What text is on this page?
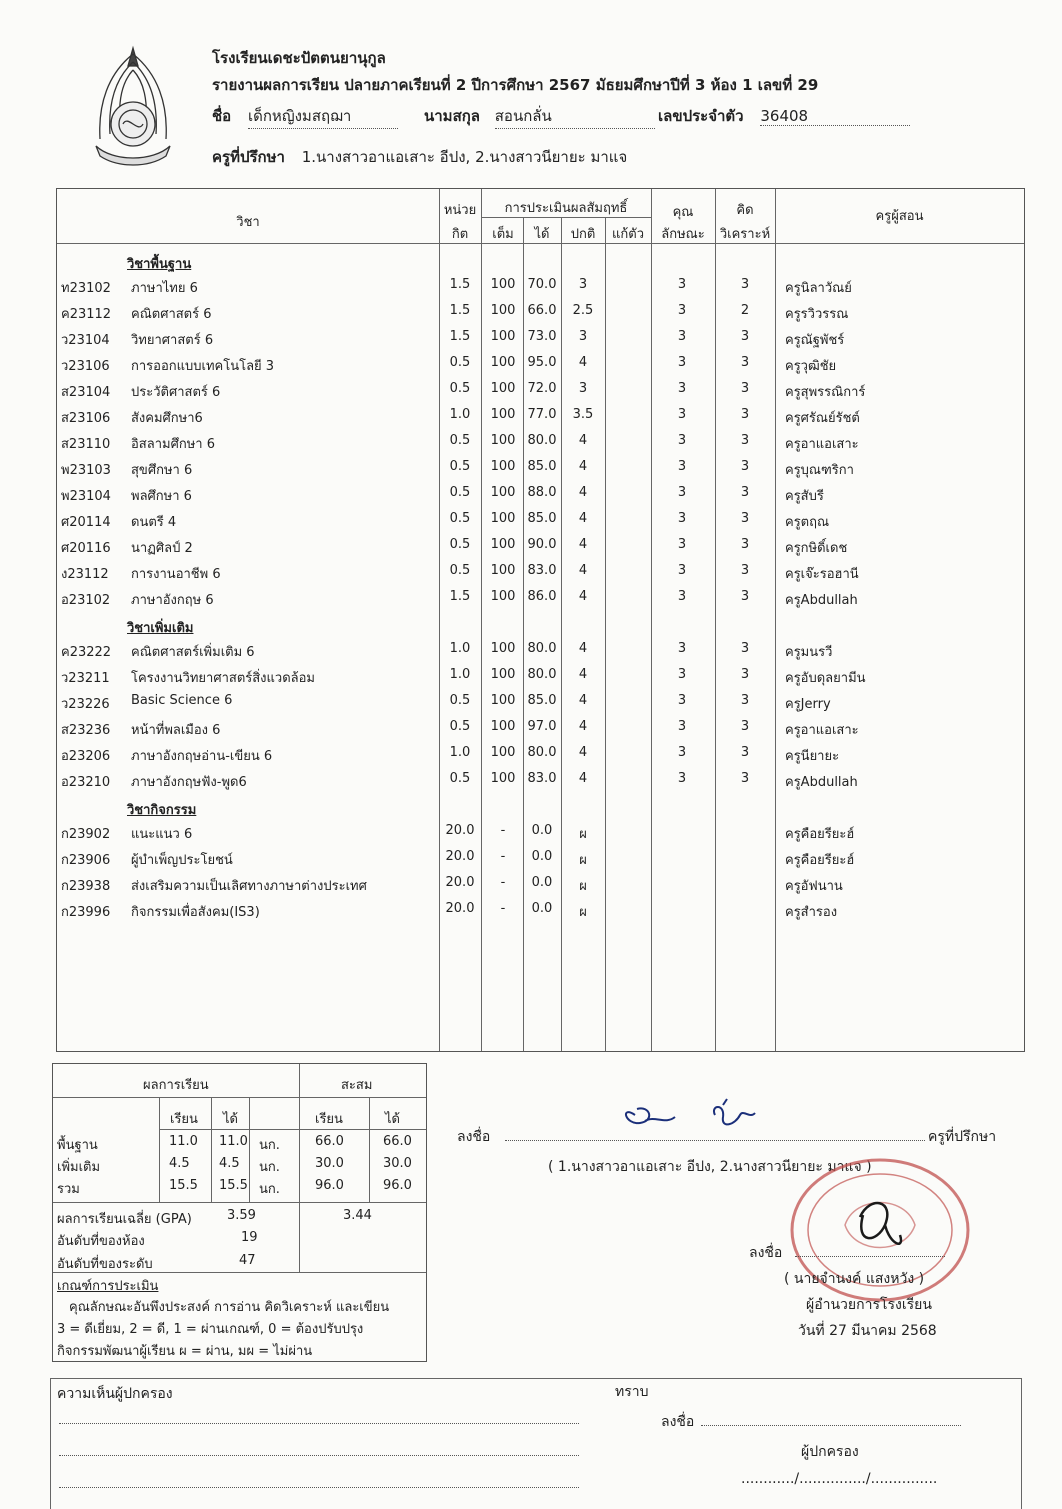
โรงเรียนเดชะปัตตนยานุกูล
รายงานผลการเรียน ปลายภาคเรียนที่ 2 ปีการศึกษา 2567 มัธยมศึกษาปีที่ 3 ห้อง 1 เลขที่ 29
ชื่อ เด็กหญิงมสฤฌา	นามสกุล สอนกลั่น	เลขประจำตัว 36408
ครูที่ปรึกษา 1.นางสาวอาแอเสาะ อีปง, 2.นางสาวนียายะ มาแจ
วิชา
หน่วย
กิต
การประเมินผลสัมฤทธิ์
เต็ม	ได้	ปกติ	แก้ตัว
คุณ
ลักษณะ
คิด
วิเคราะห์
ครูผู้สอน
วิชาพื้นฐาน
ท23102 ภาษาไทย 6	1.5	100 70.0	3	3	3	ครูนิลาวัณย์
ค23112 คณิตศาสตร์ 6	1.5	100 66.0	2.5	3	2	ครูรวิวรรณ
ว23104 วิทยาศาสตร์ 6	1.5	100 73.0	3	3	3	ครูณัฐพัชร์
ว23106 การออกแบบเทคโนโลยี 3	0.5	100 95.0	4	3	3	ครูวุฒิชัย
ส23104 ประวัติศาสตร์ 6	0.5	100 72.0	3	3	3	ครูสุพรรณิการ์
ส23106 สังคมศึกษา6	1.0	100 77.0	3.5	3	3	ครูศรัณย์รัชต์
ส23110 อิสลามศึกษา 6	0.5	100 80.0	4	3	3	ครูอาแอเสาะ
พ23103 สุขศึกษา 6	0.5	100 85.0	4	3	3	ครูบุณฑริกา
พ23104 พลศึกษา 6	0.5	100 88.0	4	3	3	ครูสับรี
ศ20114 ดนตรี 4	0.5	100 85.0	4	3	3	ครูตฤณ
ศ20116 นาฏศิลป์ 2	0.5	100 90.0	4	3	3	ครูกษิดิ์เดช
ง23112 การงานอาชีพ 6	0.5	100 83.0	4	3	3	ครูเจ๊ะรอฮานี
อ23102 ภาษาอังกฤษ 6	1.5	100 86.0	4	3	3	ครูAbdullah
วิชาเพิ่มเติม
ค23222 คณิตศาสตร์เพิ่มเติม 6	1.0	100 80.0	4	3	3	ครูมนรวี
ว23211 โครงงานวิทยาศาสตร์สิ่งแวดล้อม	1.0	100 80.0	4	3	3	ครูอับดุลยามีน
ว23226 Basic Science 6	0.5	100 85.0	4	3	3	ครูJerry
ส23236 หน้าที่พลเมือง 6	0.5	100 97.0	4	3	3	ครูอาแอเสาะ
อ23206 ภาษาอังกฤษอ่าน-เขียน 6	1.0	100 80.0	4	3	3	ครูนียายะ
อ23210 ภาษาอังกฤษฟัง-พูด6	0.5	100 83.0	4	3	3	ครูAbdullah
วิชากิจกรรม
ก23902 แนะแนว 6	20.0	-	0.0	ผ	ครูคือยรียะฮ์
ก23906 ผู้บำเพ็ญประโยชน์	20.0	-	0.0	ผ	ครูคือยรียะฮ์
ก23938 ส่งเสริมความเป็นเลิศทางภาษาต่างประเทศ	20.0	-	0.0	ผ	ครูอัฟนาน
ก23996 กิจกรรมเพื่อสังคม(IS3)	20.0	-	0.0	ผ	ครูสำรอง
ผลการเรียน	สะสม
เรียน ได้	เรียน	ได้
พื้นฐาน	11.0 11.0 นก.	66.0	66.0
เพิ่มเติม	4.5 4.5 นก.	30.0	30.0
รวม	15.5 15.5 นก.	96.0	96.0
ผลการเรียนเฉลี่ย (GPA)	3.59	3.44
อันดับที่ของห้อง	19
อันดับที่ของระดับ	47
เกณฑ์การประเมิน
คุณลักษณะอันพึงประสงค์ การอ่าน คิดวิเคราะห์ และเขียน
3 = ดีเยี่ยม, 2 = ดี, 1 = ผ่านเกณฑ์, 0 = ต้องปรับปรุง
กิจกรรมพัฒนาผู้เรียน ผ = ผ่าน, มผ = ไม่ผ่าน
ลงชื่อ	ครูที่ปรึกษา
( 1.นางสาวอาแอเสาะ อีปง, 2.นางสาวนียายะ มาแจ )
ลงชื่อ
( นายจำนงค์ แสงหวัง )
ผู้อำนวยการโรงเรียน
วันที่ 27 มีนาคม 2568
ความเห็นผู้ปกครอง	ทราบ
ลงชื่อ
ผู้ปกครอง
............/.............../...............
